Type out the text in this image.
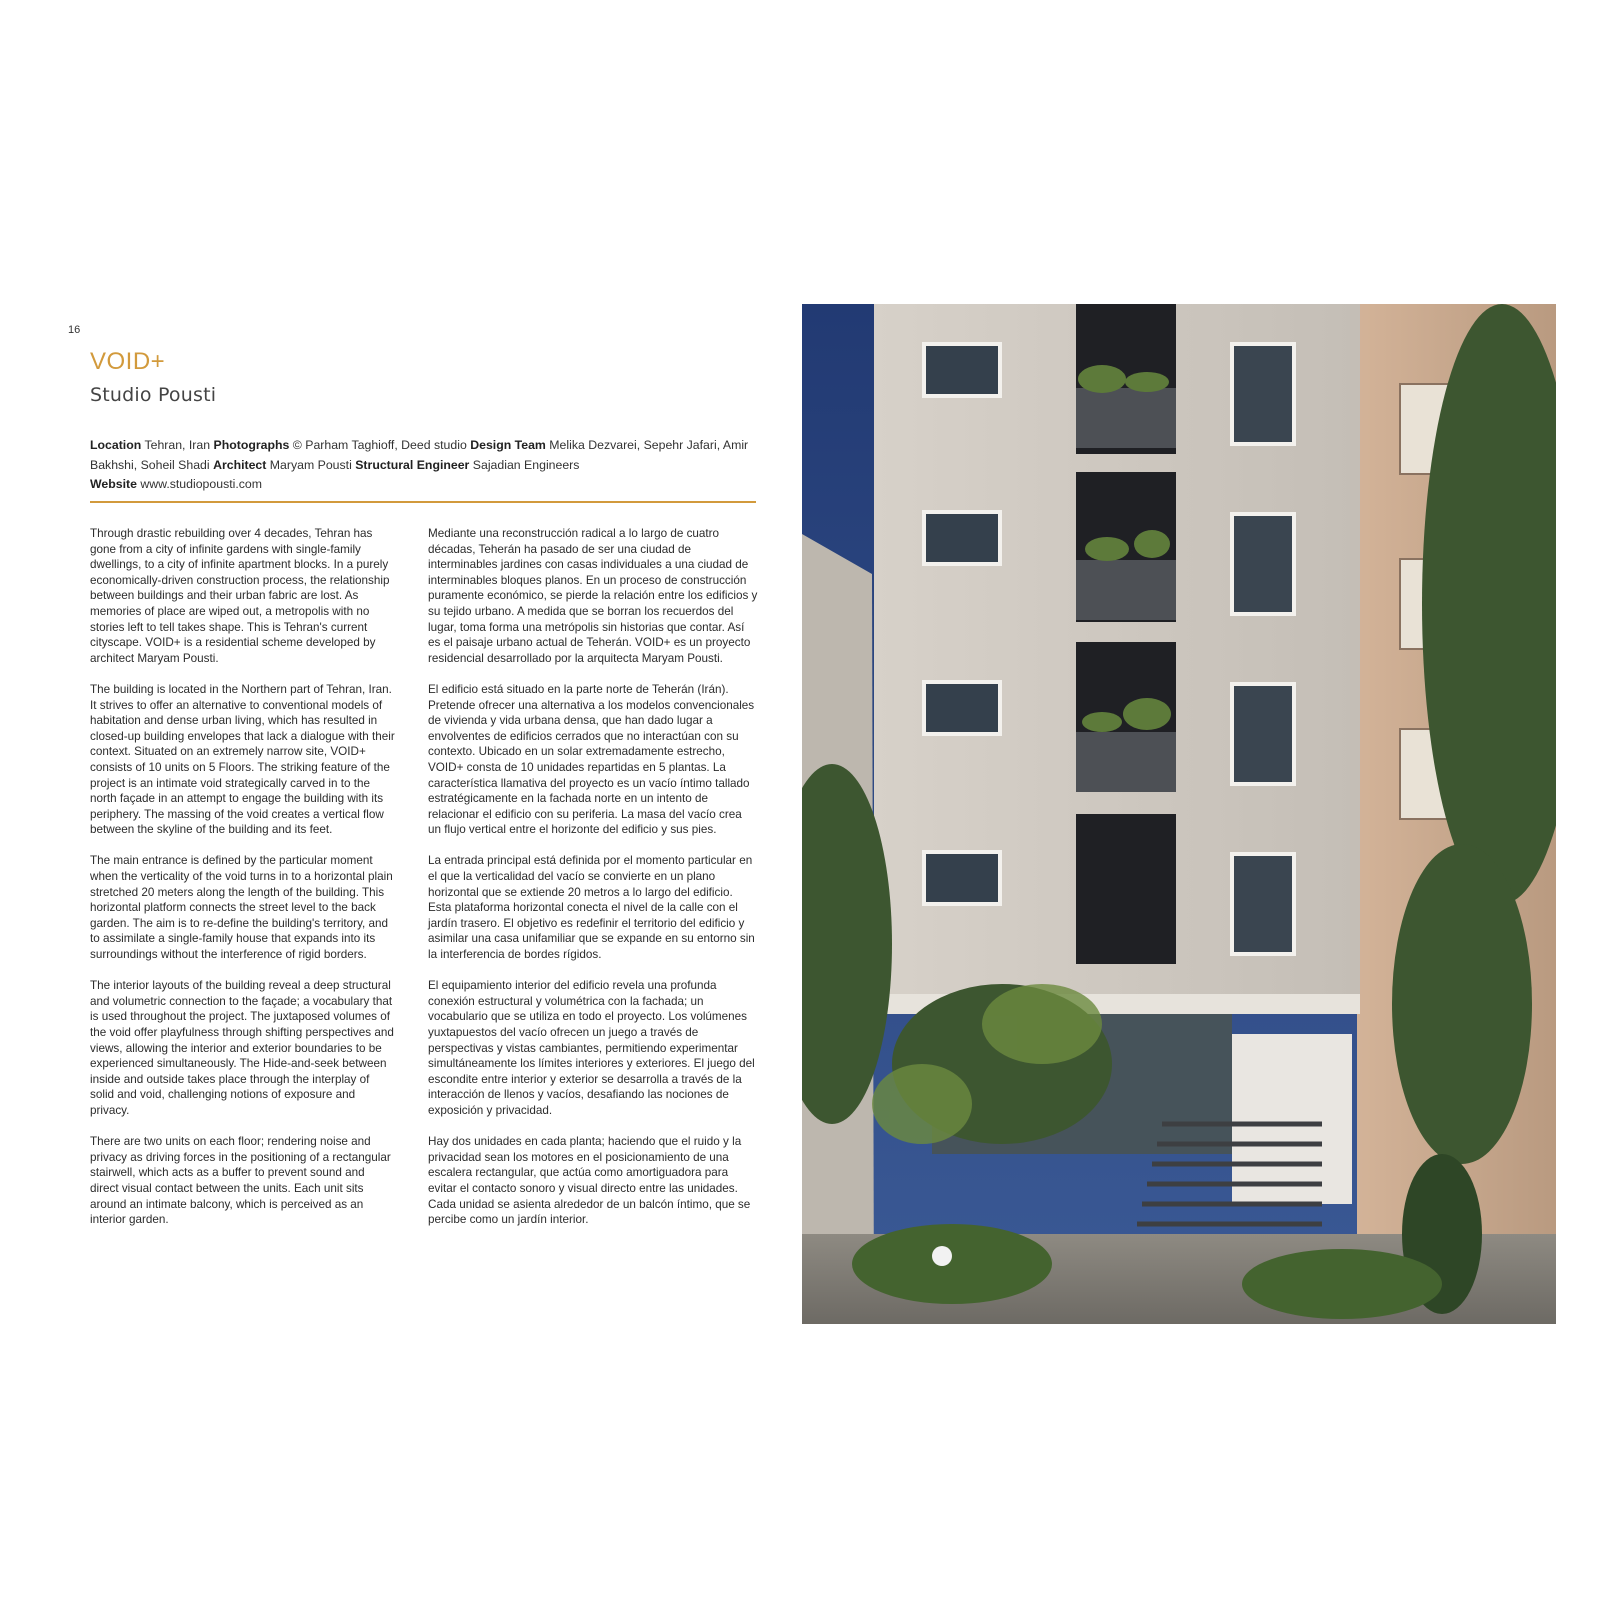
16
VOID+
Studio Pousti
Location Tehran, Iran Photographs © Parham Taghioff, Deed studio Design Team Melika Dezvarei, Sepehr Jafari, Amir Bakhshi, Soheil Shadi Architect Maryam Pousti Structural Engineer Sajadian Engineers
Website www.studiopousti.com

Through drastic rebuilding over 4 decades, Tehran has gone from a city of infinite gardens with single-family dwellings, to a city of infinite apartment blocks. In a purely economically-driven construction process, the relationship between buildings and their urban fabric are lost. As memories of place are wiped out, a metropolis with no stories left to tell takes shape. This is Tehran's current cityscape. VOID+ is a residential scheme developed by architect Maryam Pousti.

The building is located in the Northern part of Tehran, Iran. It strives to offer an alternative to conventional models of habitation and dense urban living, which has resulted in closed-up building envelopes that lack a dialogue with their context. Situated on an extremely narrow site, VOID+ consists of 10 units on 5 Floors. The striking feature of the project is an intimate void strategically carved in to the north façade in an attempt to engage the building with its periphery. The massing of the void creates a vertical flow between the skyline of the building and its feet.

The main entrance is defined by the particular moment when the verticality of the void turns in to a horizontal plain stretched 20 meters along the length of the building. This horizontal platform connects the street level to the back garden. The aim is to re-define the building's territory, and to assimilate a single-family house that expands into its surroundings without the interference of rigid borders.

The interior layouts of the building reveal a deep structural and volumetric connection to the façade; a vocabulary that is used throughout the project. The juxtaposed volumes of the void offer playfulness through shifting perspectives and views, allowing the interior and exterior boundaries to be experienced simultaneously. The Hide-and-seek between inside and outside takes place through the interplay of solid and void, challenging notions of exposure and privacy.

There are two units on each floor; rendering noise and privacy as driving forces in the positioning of a rectangular stairwell, which acts as a buffer to prevent sound and direct visual contact between the units. Each unit sits around an intimate balcony, which is perceived as an interior garden.

Mediante una reconstrucción radical a lo largo de cuatro décadas, Teherán ha pasado de ser una ciudad de interminables jardines con casas individuales a una ciudad de interminables bloques planos. En un proceso de construcción puramente económico, se pierde la relación entre los edificios y su tejido urbano. A medida que se borran los recuerdos del lugar, toma forma una metrópolis sin historias que contar. Así es el paisaje urbano actual de Teherán. VOID+ es un proyecto residencial desarrollado por la arquitecta Maryam Pousti.

El edificio está situado en la parte norte de Teherán (Irán). Pretende ofrecer una alternativa a los modelos convencionales de vivienda y vida urbana densa, que han dado lugar a envolventes de edificios cerrados que no interactúan con su contexto. Ubicado en un solar extremadamente estrecho, VOID+ consta de 10 unidades repartidas en 5 plantas. La característica llamativa del proyecto es un vacío íntimo tallado estratégicamente en la fachada norte en un intento de relacionar el edificio con su periferia. La masa del vacío crea un flujo vertical entre el horizonte del edificio y sus pies.

La entrada principal está definida por el momento particular en el que la verticalidad del vacío se convierte en un plano horizontal que se extiende 20 metros a lo largo del edificio. Esta plataforma horizontal conecta el nivel de la calle con el jardín trasero. El objetivo es redefinir el territorio del edificio y asimilar una casa unifamiliar que se expande en su entorno sin la interferencia de bordes rígidos.

El equipamiento interior del edificio revela una profunda conexión estructural y volumétrica con la fachada; un vocabulario que se utiliza en todo el proyecto. Los volúmenes yuxtapuestos del vacío ofrecen un juego a través de perspectivas y vistas cambiantes, permitiendo experimentar simultáneamente los límites interiores y exteriores. El juego del escondite entre interior y exterior se desarrolla a través de la interacción de llenos y vacíos, desafiando las nociones de exposición y privacidad.

Hay dos unidades en cada planta; haciendo que el ruido y la privacidad sean los motores en el posicionamiento de una escalera rectangular, que actúa como amortiguadora para evitar el contacto sonoro y visual directo entre las unidades. Cada unidad se asienta alrededor de un balcón íntimo, que se percibe como un jardín interior.
